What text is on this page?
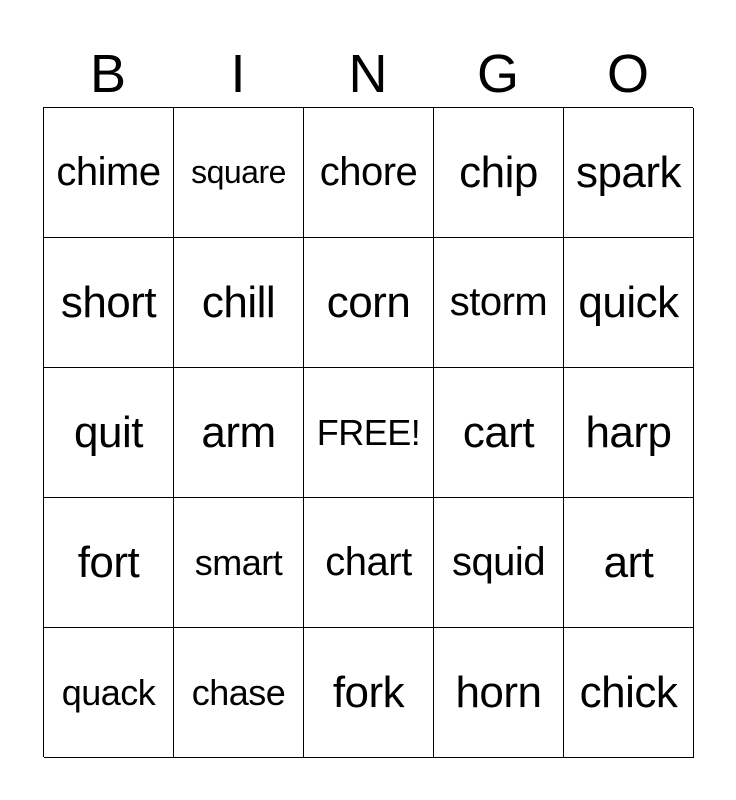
B	I	N	G	O
chime square chore chip spark
short	chill	corn storm quick
quit	arm	FREE! cart	harp
fort	smart	chart	squid	art
quack	chase	fork	horn chick
